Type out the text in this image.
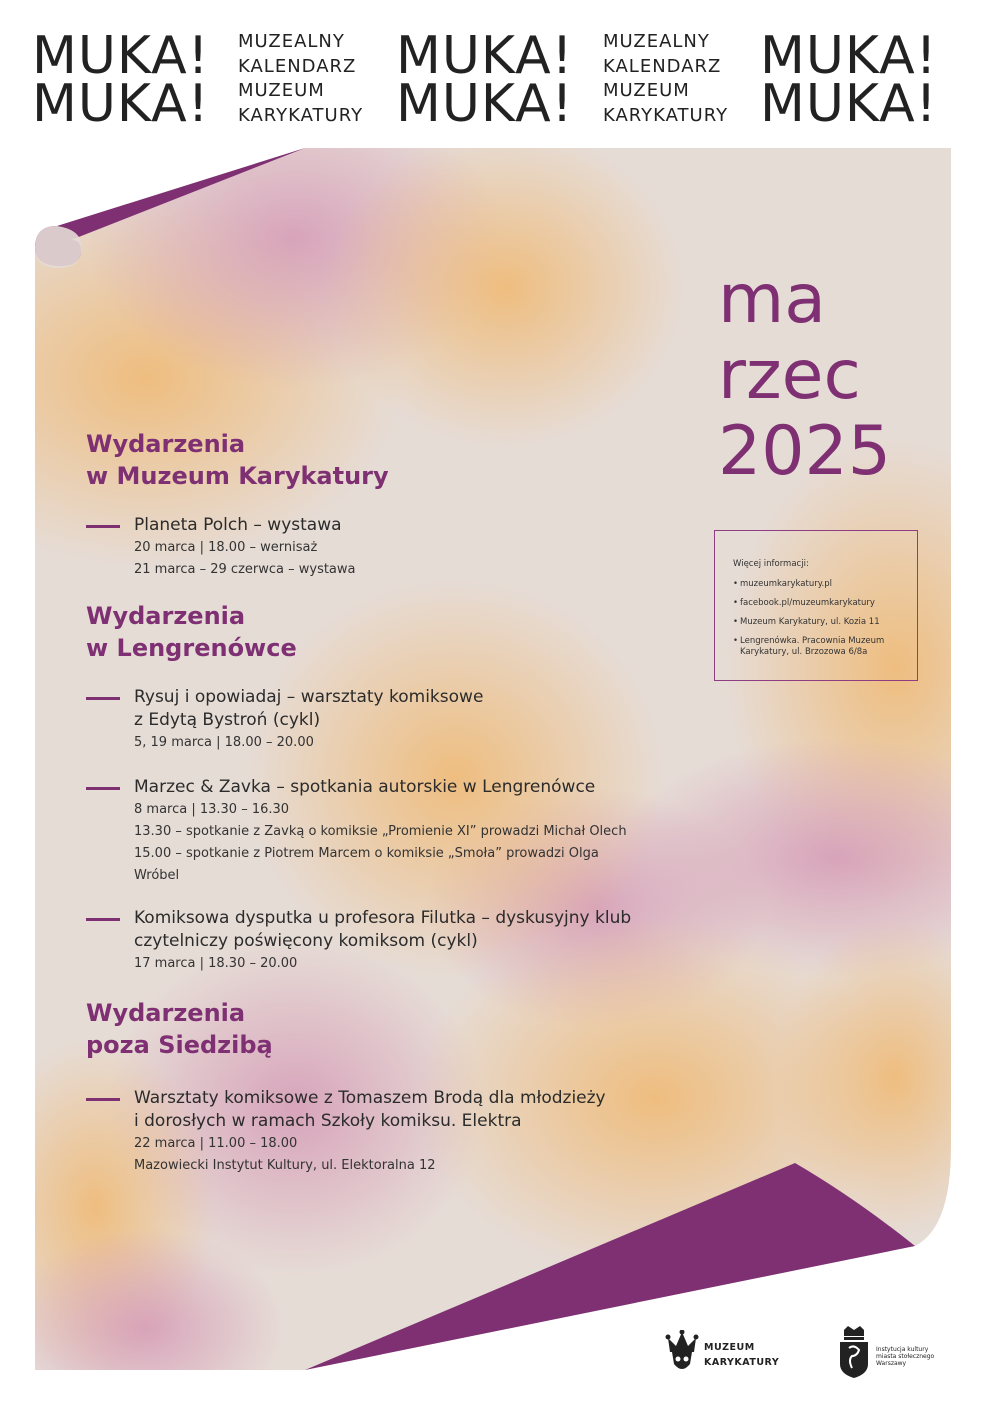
MUKA!
MUKA!
MUZEALNY
KALENDARZ
MUZEUM
KARYKATURY
MUKA!
MUKA!
MUZEALNY
KALENDARZ
MUZEUM
KARYKATURY
MUKA!
MUKA!
ma
rzec
2025
Więcej informacji:
• muzeumkarykatury.pl
• facebook.pl/muzeumkarykatury
• Muzeum Karykatury, ul. Kozia 11
• Lengrenówka. Pracownia Muzeum Karykatury, ul. Brzozowa 6/8a
Wydarzenia
w Muzeum Karykatury
Planeta Polch – wystawa
20 marca | 18.00 – wernisaż
21 marca – 29 czerwca – wystawa
Wydarzenia
w Lengrenówce
Rysuj i opowiadaj – warsztaty komiksowe
z Edytą Bystroń (cykl)
5, 19 marca | 18.00 – 20.00
Marzec & Zavka – spotkania autorskie w Lengrenówce
8 marca | 13.30 – 16.30
13.30 – spotkanie z Zavką o komiksie „Promienie XI” prowadzi Michał Olech
15.00 – spotkanie z Piotrem Marcem o komiksie „Smoła” prowadzi Olga
Wróbel
Komiksowa dysputka u profesora Filutka – dyskusyjny klub
czytelniczy poświęcony komiksom (cykl)
17 marca | 18.30 – 20.00
Wydarzenia
poza Siedzibą
Warsztaty komiksowe z Tomaszem Brodą dla młodzieży
i dorosłych w ramach Szkoły komiksu. Elektra
22 marca | 11.00 – 18.00
Mazowiecki Instytut Kultury, ul. Elektoralna 12
MUZEUM
KARYKATURY
Instytucja kultury miasta stołecznego Warszawy
